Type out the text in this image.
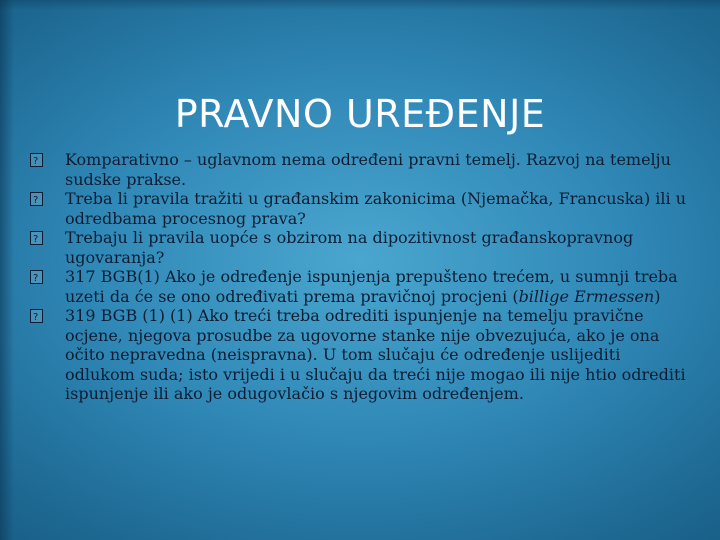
PRAVNO UREĐENJE
?
Komparativno – uglavnom nema određeni pravni temelj. Razvoj na temelju sudske prakse.
?
Treba li pravila tražiti u građanskim zakonicima (Njemačka, Francuska) ili u odredbama procesnog prava?
?
Trebaju li pravila uopće s obzirom na dipozitivnost građanskopravnog ugovaranja?
?
317 BGB(1) Ako je određenje ispunjenja prepušteno trećem, u sumnji treba uzeti da će se ono određivati prema pravičnoj procjeni (billige Ermessen)
?
319 BGB (1) (1) Ako treći treba odrediti ispunjenje na temelju pravične ocjene, njegova prosudbe za ugovorne stanke nije obvezujuća, ako je ona očito nepravedna (neispravna). U tom slučaju će određenje uslijediti odlukom suda; isto vrijedi i u slučaju da treći nije mogao ili nije htio odrediti ispunjenje ili ako je odugovlačio s njegovim određenjem.
